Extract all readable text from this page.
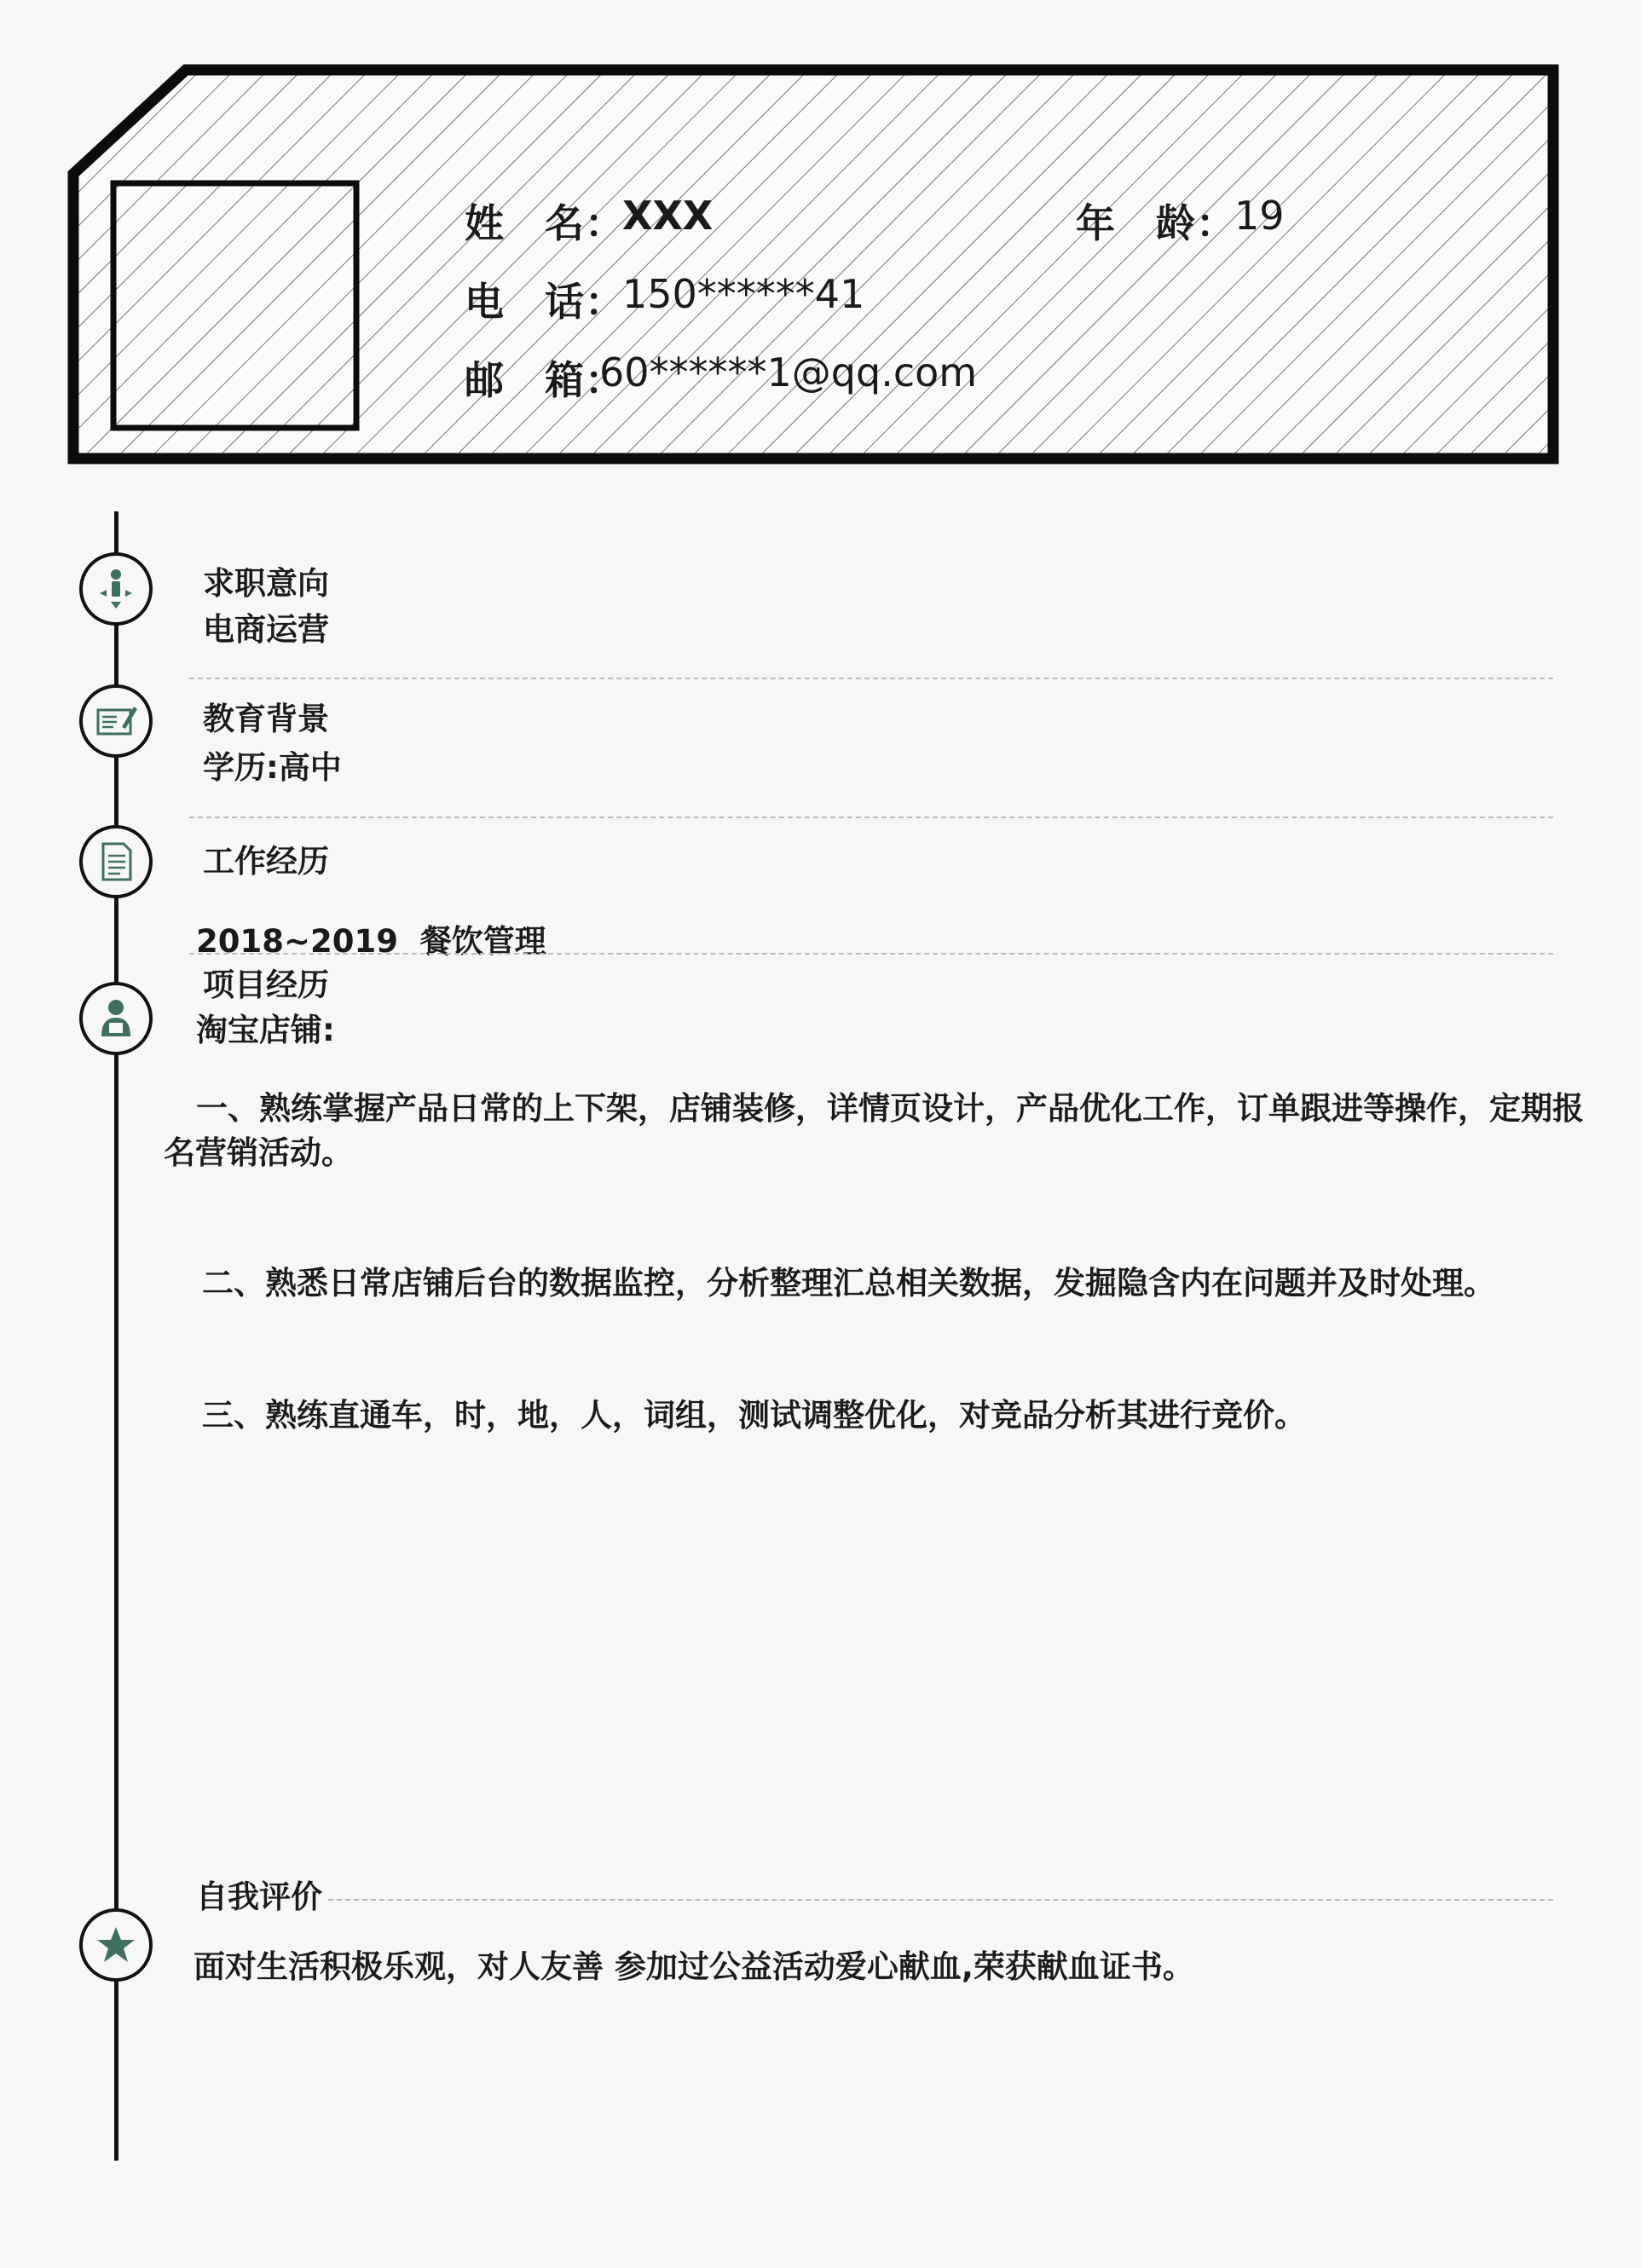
姓　名：
XXX	年　龄：
19
电　话：
150******41
邮　箱：
60******1@qq.com
求职意向
电商运营
教育背景
学历:高中
工作经历
2018~2019  餐饮管理
项目经历
淘宝店铺:
一、熟练掌握产品日常的上下架，店铺装修，详情页设计，产品优化工作，订单跟进等操作，定期报名营销活动。
二、熟悉日常店铺后台的数据监控，分析整理汇总相关数据，发掘隐含内在问题并及时处理。
三、熟练直通车，时，地，人，词组，测试调整优化，对竞品分析其进行竞价。
自我评价
面对生活积极乐观，对人友善 参加过公益活动爱心献血,荣获献血证书。
